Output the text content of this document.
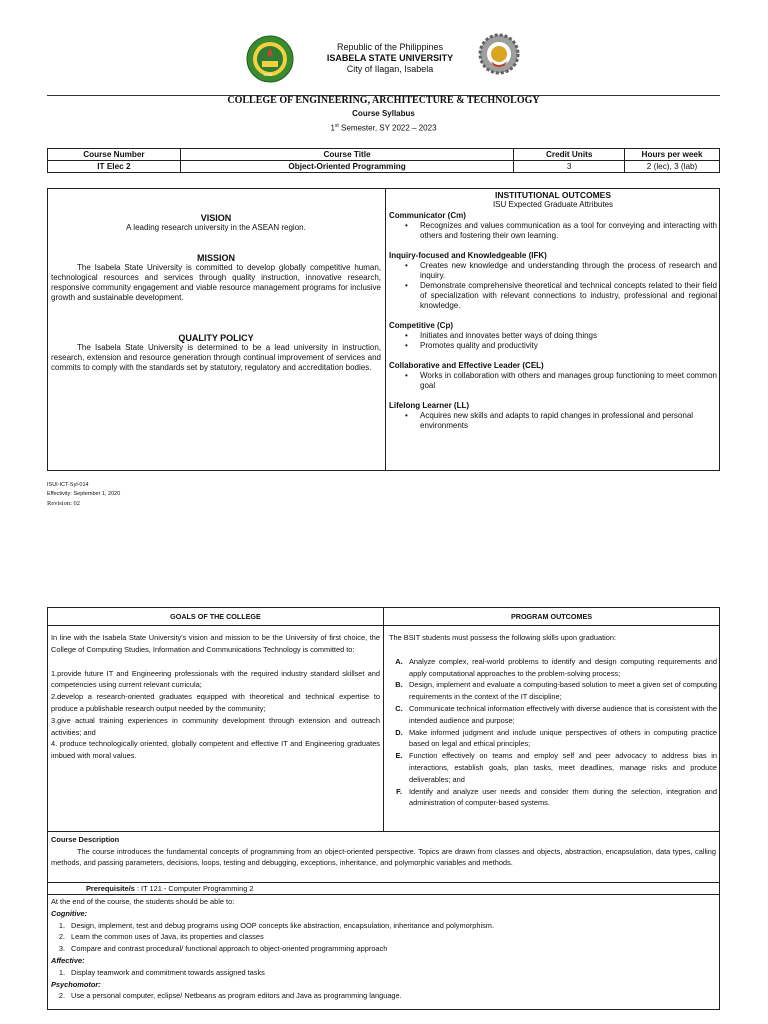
1978
Republic of the Philippines
ISABELA STATE UNIVERSITY
City of Ilagan, Isabela
COLLEGE OF ENGINEERING, ARCHITECTURE & TECHNOLOGY
Course Syllabus
1st Semester, SY 2022 – 2023
Course Number	Course Title	Credit Units	Hours per week
IT Elec 2	Object-Oriented Programming	3	2 (lec), 3 (lab)
VISION
A leading research university in the ASEAN region.
MISSION
The Isabela State University is committed to develop globally competitive human, technological resources and services through quality instruction, innovative research, responsive community engagement and viable resource management programs for inclusive growth and sustainable development.
QUALITY POLICY
The Isabela State University is determined to be a lead university in instruction, research, extension and resource generation through continual improvement of services and commits to comply with the standards set by statutory, regulatory and accreditation bodies.
INSTITUTIONAL OUTCOMES
ISU Expected Graduate Attributes
Communicator (Cm)
• Recognizes and values communication as a tool for conveying and interacting with others and fostering their own learning.
Inquiry-focused and Knowledgeable (IFK)
• Creates new knowledge and understanding through the process of research and inquiry.
• Demonstrate comprehensive theoretical and technical concepts related to their field of specialization with relevant connections to industry, professional and regional knowledge.
Competitive (Cp)
• Initiates and innovates better ways of doing things
• Promotes quality and productivity
Collaborative and Effective Leader (CEL)
• Works in collaboration with others and manages group functioning to meet common goal
Lifelong Learner (LL)
• Acquires new skills and adapts to rapid changes in professional and personal environments
ISUI-ICT-Syl-014
Effectivity: September 1, 2020
Revision: 02
GOALS OF THE COLLEGE	PROGRAM OUTCOMES
In line with the Isabela State University's vision and mission to be the University of first choice, the College of Computing Studies, Information and Communications Technology is committed to:
1.provide future IT and Engineering professionals with the required industry standard skillset and competencies using current relevant curricula;
2.develop a research-oriented graduates equipped with theoretical and technical expertise to produce a publishable research output needed by the community;
3.give actual training experiences in community development through extension and outreach activities; and
4. produce technologically oriented, globally competent and effective IT and Engineering graduates imbued with moral values.
The BSIT students must possess the following skills upon graduation:
A. Analyze complex, real-world problems to identify and design computing requirements and apply computational approaches to the problem-solving process;
B. Design, implement and evaluate a computing-based solution to meet a given set of computing requirements in the context of the IT discipline;
C. Communicate technical information effectively with diverse audience that is consistent with the intended audience and purpose;
D. Make informed judgment and include unique perspectives of others in computing practice based on legal and ethical principles;
E. Function effectively on teams and employ self and peer advocacy to address bias in interactions, establish goals, plan tasks, meet deadlines, manage risks and produce deliverables; and
F. Identify and analyze user needs and consider them during the selection, integration and administration of computer-based systems.
Course Description
The course introduces the fundamental concepts of programming from an object-oriented perspective. Topics are drawn from classes and objects, abstraction, encapsulation, data types, calling methods, and passing parameters, decisions, loops, testing and debugging, exceptions, inheritance, and polymorphic variables and methods.
Prerequisite/s : IT 121 - Computer Programming 2
At the end of the course, the students should be able to:
Cognitive:
1. Design, implement, test and debug programs using OOP concepts like abstraction, encapsulation, inheritance and polymorphism.
2. Learn the common uses of Java, its properties and classes
3. Compare and contrast procedural/ functional approach to object-oriented programming approach
Affective:
1. Display teamwork and commitment towards assigned tasks
Psychomotor:
2. Use a personal computer, eclipse/ Netbeans as program editors and Java as programming language.
